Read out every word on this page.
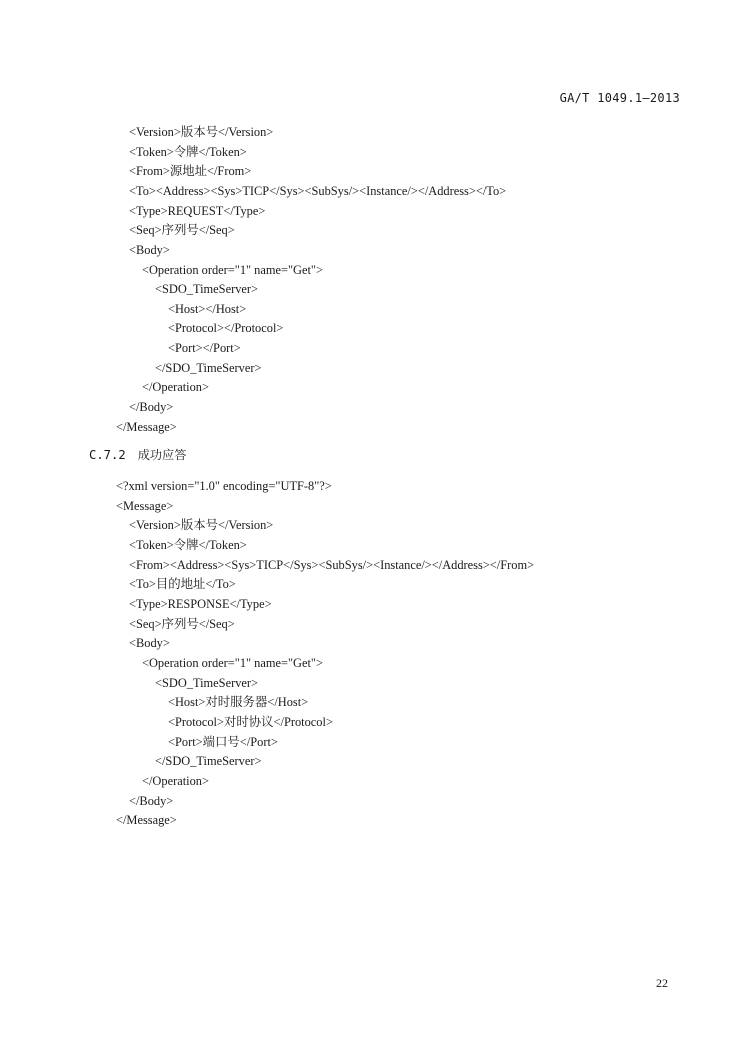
GA/T 1049.1—2013
<Version>版本号</Version>
<Token>令牌</Token>
<From>源地址</From>
<To><Address><Sys>TICP</Sys><SubSys/><Instance/></Address></To>
<Type>REQUEST</Type>
<Seq>序列号</Seq>
<Body>
<Operation order="1" name="Get">
<SDO_TimeServer>
<Host></Host>
<Protocol></Protocol>
<Port></Port>
</SDO_TimeServer>
</Operation>
</Body>
</Message>
C.7.2 成功应答
<?xml version="1.0" encoding="UTF-8"?>
<Message>
<Version>版本号</Version>
<Token>令牌</Token>
<From><Address><Sys>TICP</Sys><SubSys/><Instance/></Address></From>
<To>目的地址</To>
<Type>RESPONSE</Type>
<Seq>序列号</Seq>
<Body>
<Operation order="1" name="Get">
<SDO_TimeServer>
<Host>对时服务器</Host>
<Protocol>对时协议</Protocol>
<Port>端口号</Port>
</SDO_TimeServer>
</Operation>
</Body>
</Message>
22
